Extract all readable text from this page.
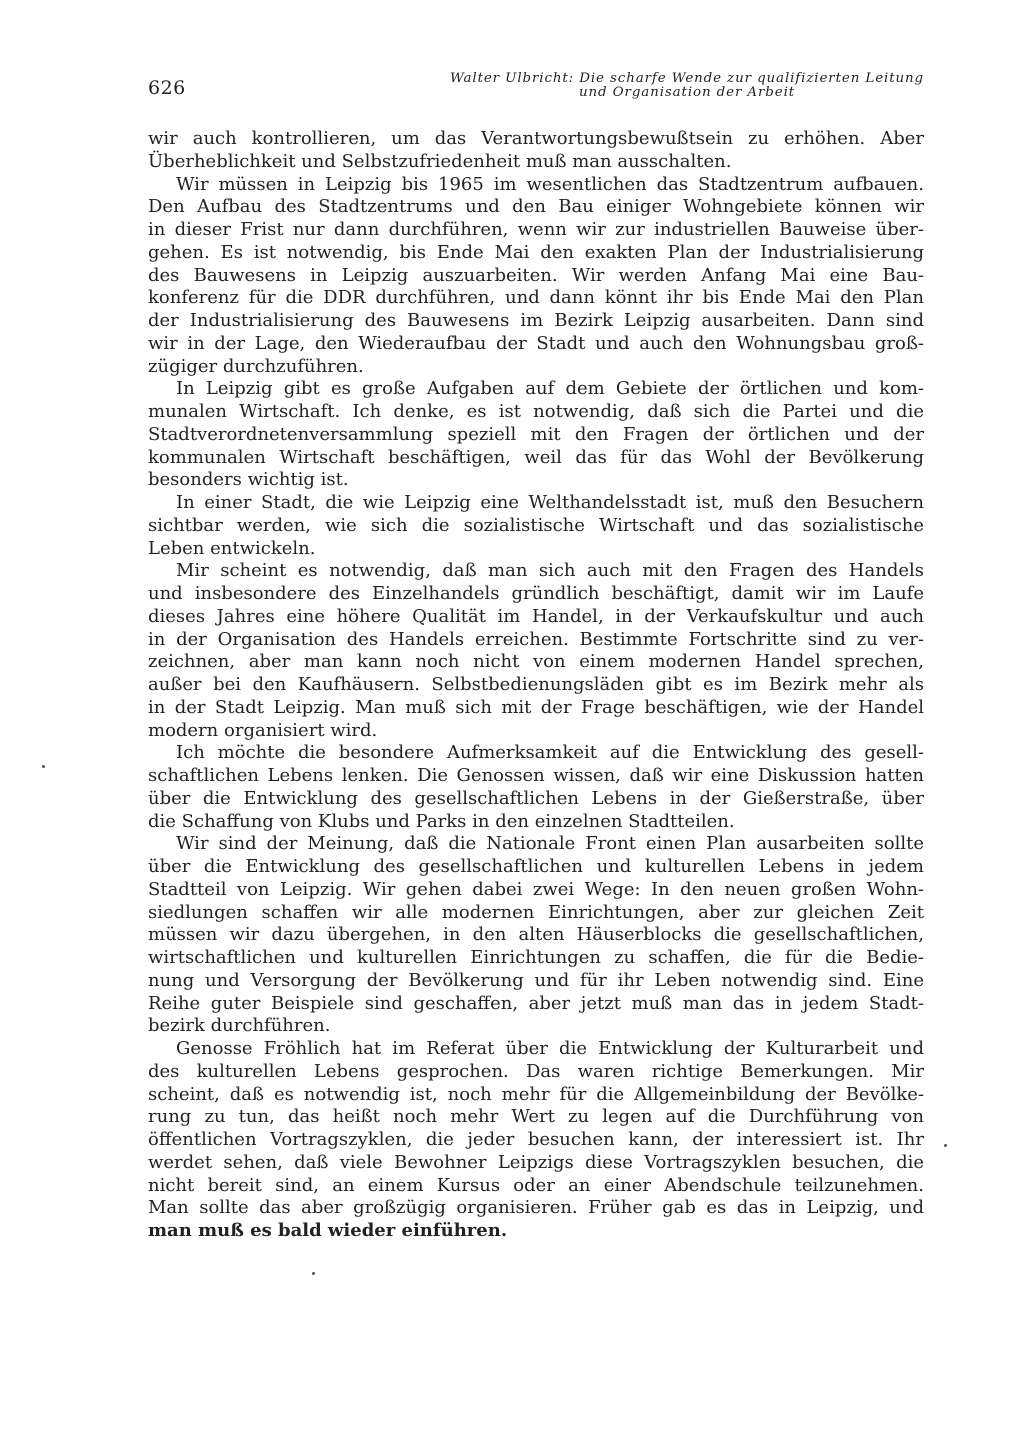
626	Walter Ulbricht: Die scharfe Wende zur qualifizierten Leitung
und Organisation der Arbeit
wir auch kontrollieren, um das Verantwortungsbewußtsein zu erhöhen. Aber
Überheblichkeit und Selbstzufriedenheit muß man ausschalten.
Wir müssen in Leipzig bis 1965 im wesentlichen das Stadtzentrum aufbauen.
Den Aufbau des Stadtzentrums und den Bau einiger Wohngebiete können wir
in dieser Frist nur dann durchführen, wenn wir zur industriellen Bauweise über-
gehen. Es ist notwendig, bis Ende Mai den exakten Plan der Industrialisierung
des Bauwesens in Leipzig auszuarbeiten. Wir werden Anfang Mai eine Bau-
konferenz für die DDR durchführen, und dann könnt ihr bis Ende Mai den Plan
der Industrialisierung des Bauwesens im Bezirk Leipzig ausarbeiten. Dann sind
wir in der Lage, den Wiederaufbau der Stadt und auch den Wohnungsbau groß-
zügiger durchzuführen.
In Leipzig gibt es große Aufgaben auf dem Gebiete der örtlichen und kom-
munalen Wirtschaft. Ich denke, es ist notwendig, daß sich die Partei und die
Stadtverordnetenversammlung speziell mit den Fragen der örtlichen und der
kommunalen Wirtschaft beschäftigen, weil das für das Wohl der Bevölkerung
besonders wichtig ist.
In einer Stadt, die wie Leipzig eine Welthandelsstadt ist, muß den Besuchern
sichtbar werden, wie sich die sozialistische Wirtschaft und das sozialistische
Leben entwickeln.
Mir scheint es notwendig, daß man sich auch mit den Fragen des Handels
und insbesondere des Einzelhandels gründlich beschäftigt, damit wir im Laufe
dieses Jahres eine höhere Qualität im Handel, in der Verkaufskultur und auch
in der Organisation des Handels erreichen. Bestimmte Fortschritte sind zu ver-
zeichnen, aber man kann noch nicht von einem modernen Handel sprechen,
außer bei den Kaufhäusern. Selbstbedienungsläden gibt es im Bezirk mehr als
in der Stadt Leipzig. Man muß sich mit der Frage beschäftigen, wie der Handel
modern organisiert wird.
Ich möchte die besondere Aufmerksamkeit auf die Entwicklung des gesell-
schaftlichen Lebens lenken. Die Genossen wissen, daß wir eine Diskussion hatten
über die Entwicklung des gesellschaftlichen Lebens in der Gießerstraße, über
die Schaffung von Klubs und Parks in den einzelnen Stadtteilen.
Wir sind der Meinung, daß die Nationale Front einen Plan ausarbeiten sollte
über die Entwicklung des gesellschaftlichen und kulturellen Lebens in jedem
Stadtteil von Leipzig. Wir gehen dabei zwei Wege: In den neuen großen Wohn-
siedlungen schaffen wir alle modernen Einrichtungen, aber zur gleichen Zeit
müssen wir dazu übergehen, in den alten Häuserblocks die gesellschaftlichen,
wirtschaftlichen und kulturellen Einrichtungen zu schaffen, die für die Bedie-
nung und Versorgung der Bevölkerung und für ihr Leben notwendig sind. Eine
Reihe guter Beispiele sind geschaffen, aber jetzt muß man das in jedem Stadt-
bezirk durchführen.
Genosse Fröhlich hat im Referat über die Entwicklung der Kulturarbeit und
des kulturellen Lebens gesprochen. Das waren richtige Bemerkungen. Mir
scheint, daß es notwendig ist, noch mehr für die Allgemeinbildung der Bevölke-
rung zu tun, das heißt noch mehr Wert zu legen auf die Durchführung von
öffentlichen Vortragszyklen, die jeder besuchen kann, der interessiert ist. Ihr
werdet sehen, daß viele Bewohner Leipzigs diese Vortragszyklen besuchen, die
nicht bereit sind, an einem Kursus oder an einer Abendschule teilzunehmen.
Man sollte das aber großzügig organisieren. Früher gab es das in Leipzig, und
man muß es bald wieder einführen.
